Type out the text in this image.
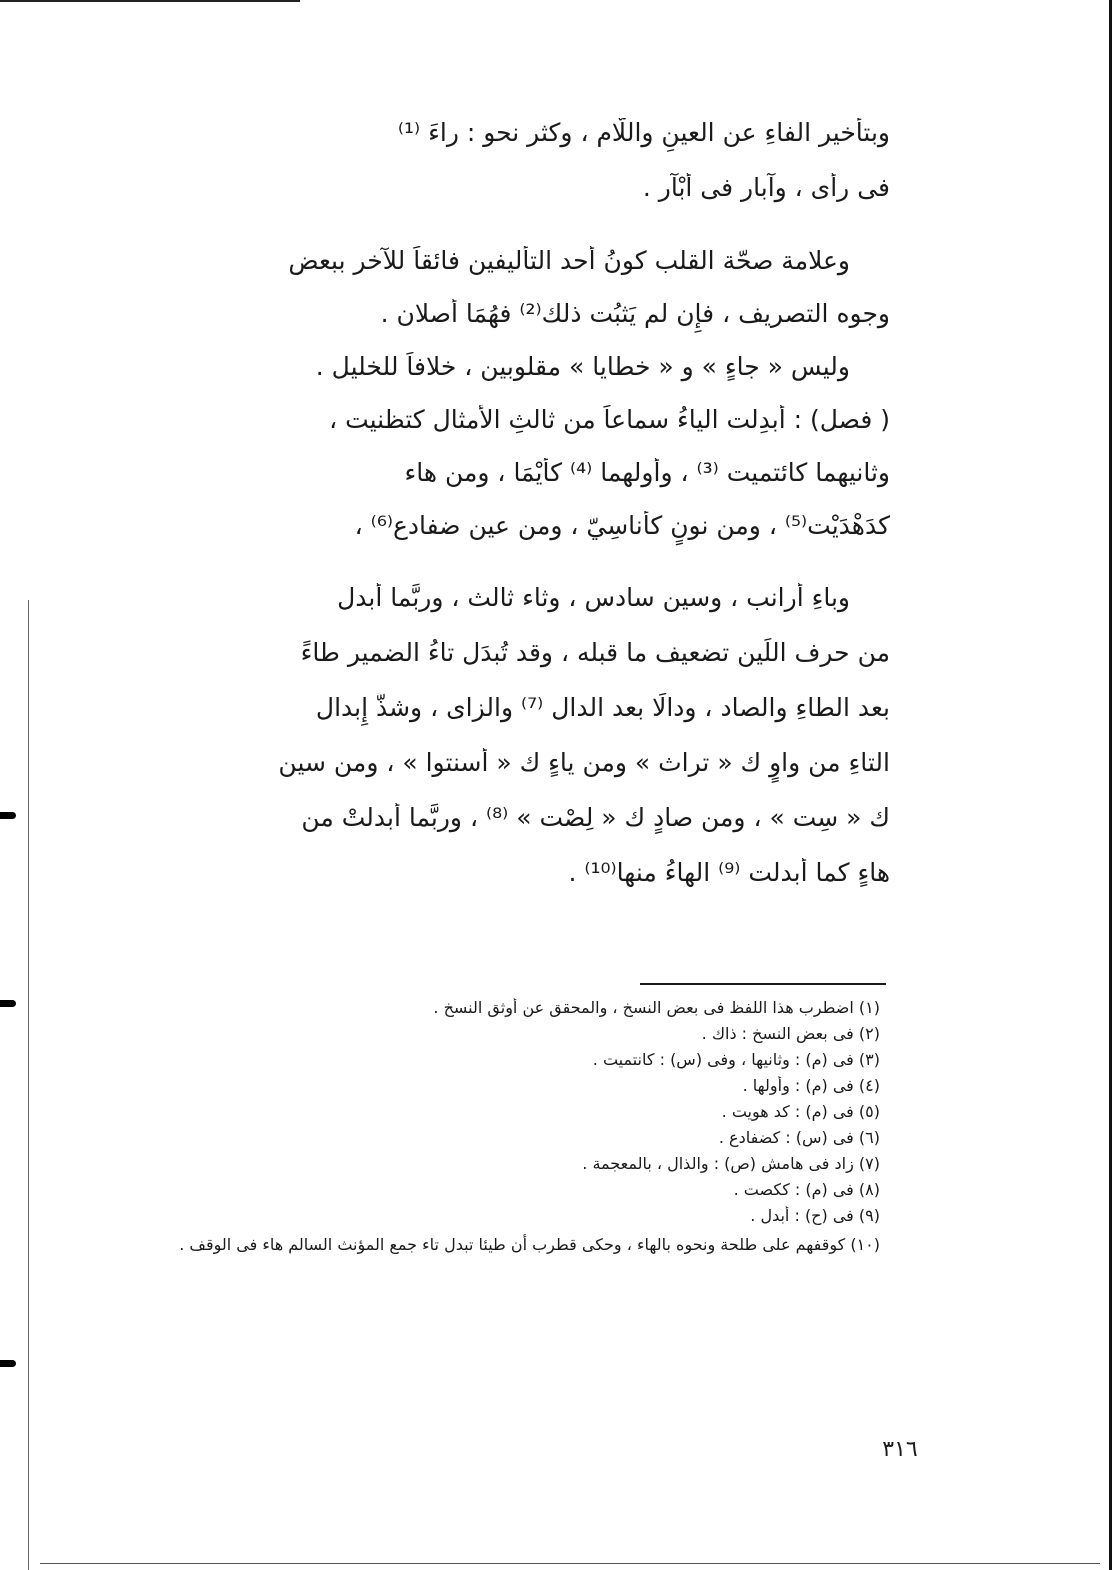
وبتأخير الفاءِ عن العينِ واللَّام ، وكثر نحو : راءَ ⁽¹⁾
فى رأَى ، وآبار فى أَبْآر .
وعلامة صحّة القلب كونُ أَحد التأْليفين فائقاً للآخر ببعض
وجوه التصريف ، فإِن لم يَثبُت ذلك⁽²⁾ فهُمَا أَصلان .
وليس « جاءٍ » و « خطايا » مقلوبين ، خلافاً للخليل .
( فصل) : أُبدِلت الياءُ سماعاً من ثالثِ الأَمثال كتظنيت ،
وثانيهما كائتميت ⁽³⁾ ، وأَولهما ⁽⁴⁾ كأَيْمَا ، ومن هاء
كدَهْدَيْت⁽⁵⁾ ، ومن نونٍ كأَناسِيّ ، ومن عين ضفادع⁽⁶⁾ ،
وباءِ أَرانب ، وسين سادس ، وثاء ثالث ، وربَّما أُبدل
من حرف اللِّين تضعيف ما قبله ، وقد تُبدَل تاءُ الضمير طاءً
بعد الطاءِ والصاد ، ودالًا بعد الدال ⁽⁷⁾ والزاى ، وشذَّ إِبدال
التاءِ من واوٍ ك « تراث » ومن ياءٍ ك « أَسنتوا » ، ومن سين
ك « سِت » ، ومن صادٍ ك « لِصْت » ⁽⁸⁾ ، وربَّما أَبدلتْ من
هاءٍ كما أَبدلت ⁽⁹⁾ الهاءُ منها⁽¹⁰⁾ .
(١) اضطرب هذا اللفظ فى بعض النسخ ، والمحقق عن أوثق النسخ .
(٢) فى بعض النسخ : ذاك .
(٣) فى (م) : وثانيها ، وفى (س) : كانتميت .
(٤) فى (م) : وأولها .
(٥) فى (م) : كد هويت .
(٦) فى (س) : كضفادع .
(٧) زاد فى هامش (ص) : والذال ، بالمعجمة .
(٨) فى (م) : ككصت .
(٩) فى (ح) : أبدل .
(١٠) كوقفهم على طلحة ونحوه بالهاء ، وحكى قطرب أن طيئا تبدل تاء جمع المؤنث السالم هاء فى الوقف .
٣١٦
